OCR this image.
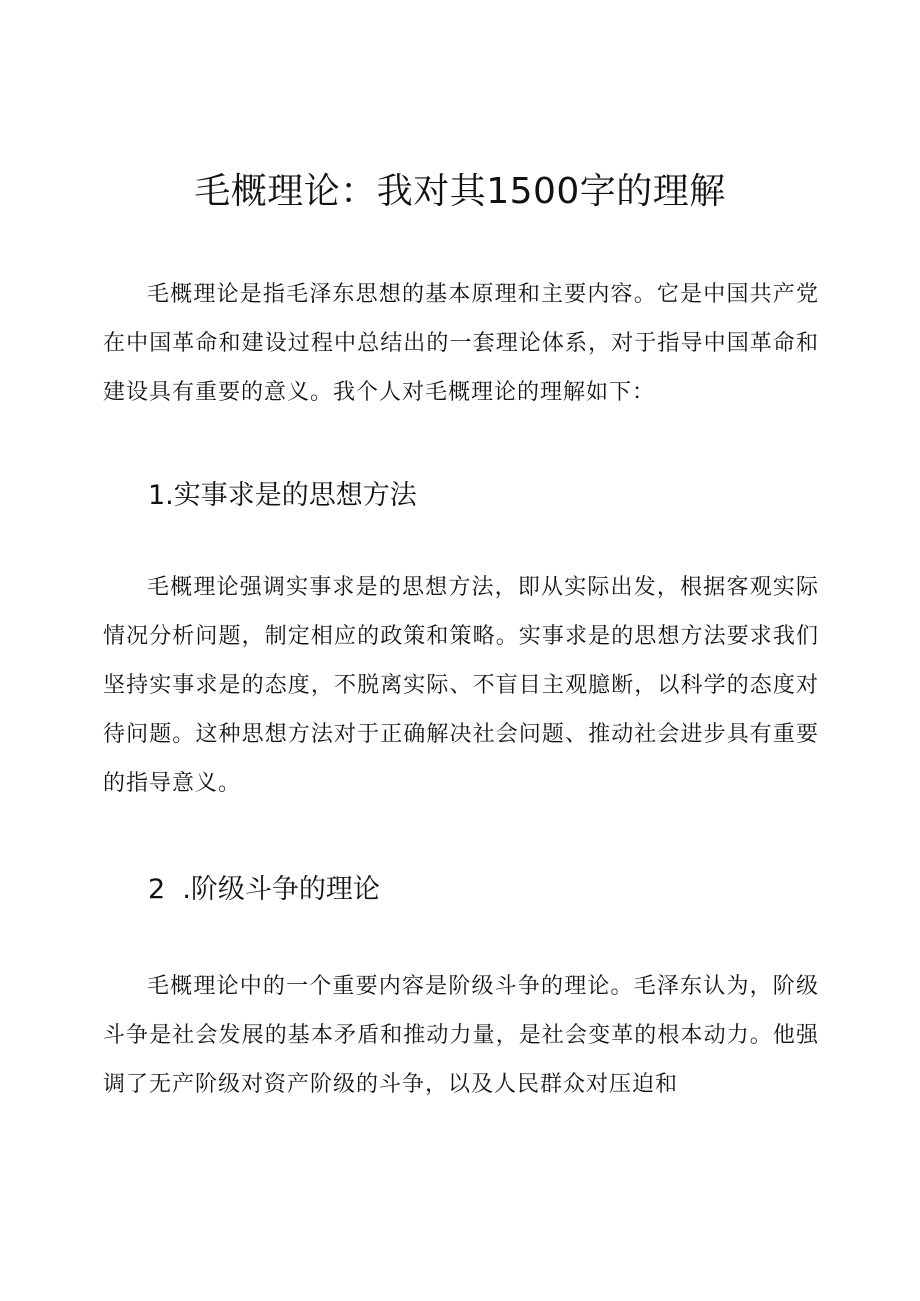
毛概理论：我对其1500字的理解

毛概理论是指毛泽东思想的基本原理和主要内容。它是中国共产党在中国革命和建设过程中总结出的一套理论体系，对于指导中国革命和建设具有重要的意义。我个人对毛概理论的理解如下：

1.实事求是的思想方法

毛概理论强调实事求是的思想方法，即从实际出发，根据客观实际情况分析问题，制定相应的政策和策略。实事求是的思想方法要求我们坚持实事求是的态度，不脱离实际、不盲目主观臆断，以科学的态度对待问题。这种思想方法对于正确解决社会问题、推动社会进步具有重要的指导意义。

2  .阶级斗争的理论

毛概理论中的一个重要内容是阶级斗争的理论。毛泽东认为，阶级斗争是社会发展的基本矛盾和推动力量，是社会变革的根本动力。他强调了无产阶级对资产阶级的斗争，以及人民群众对压迫和
